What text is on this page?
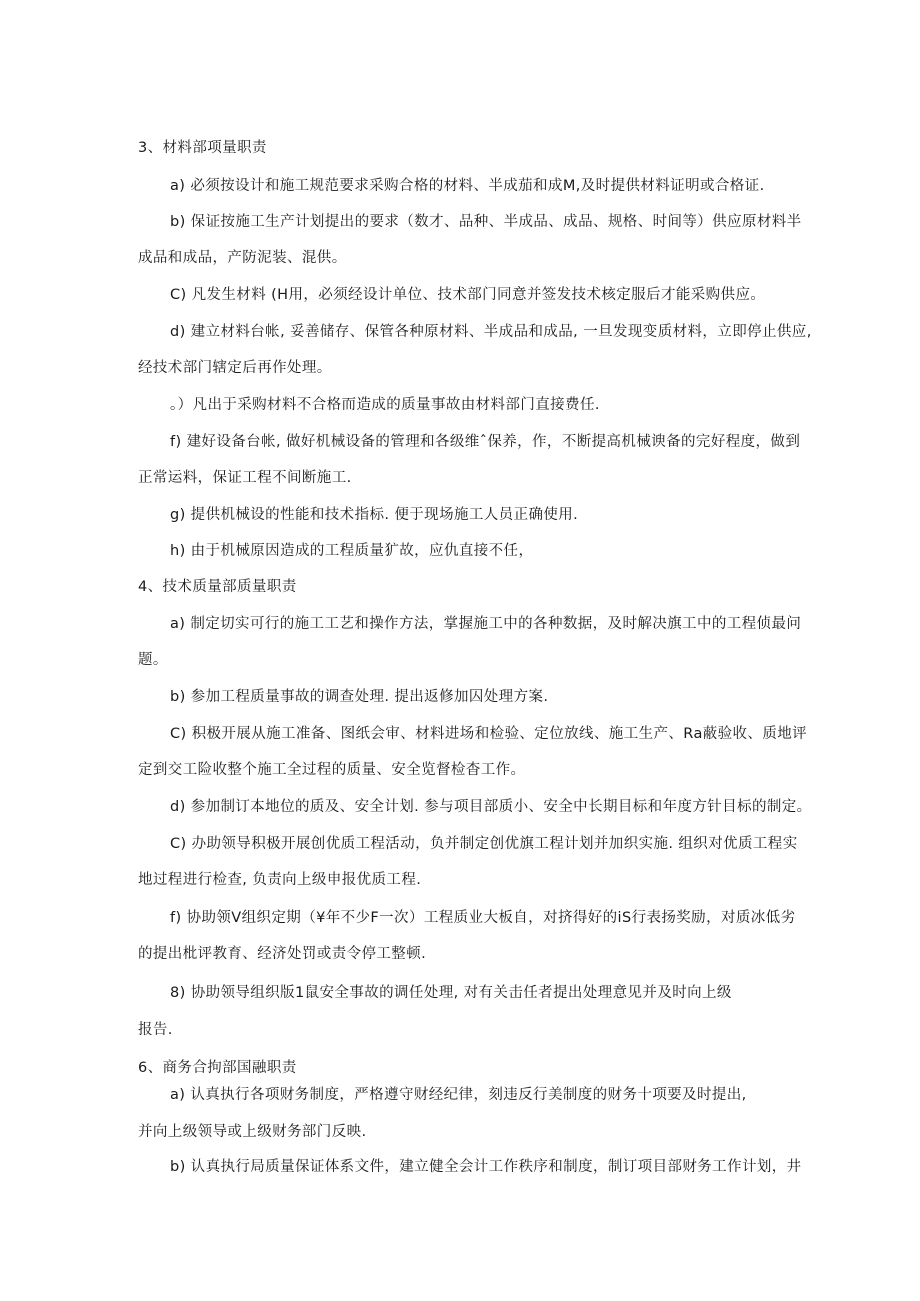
3、材料部项量职责
a) 必须按设计和施工规范要求采购合格的材料、半成茄和成M,及时提供材料证明或合格证.
b) 保证按施工生产计划提出的要求（数才、品种、半成品、成品、规格、时间等）供应原材料半
成品和成品，产防泥装、混供。
C) 凡发生材料 (H用，必须经设计单位、技术部门同意并签发技术核定服后才能采购供应。
d) 建立材料台帐, 妥善储存、保管各种原材料、半成品和成品, 一旦发现变质材料，立即停止供应,
经技术部门辖定后再作处理。
。）凡出于采购材料不合格而造成的质量事故由材料部门直接费任.
f) 建好设备台帐, 做好机械设备的管理和各级维ˆ保养，作，不断提高机械谀备的完好程度，做到
正常运料，保证工程不间断施工.
g) 提供机械设的性能和技术指标. 便于现场施工人员正确使用.
h) 由于机械原因造成的工程质量犷故，应仇直接不任，
4、技术质量部质量职责
a) 制定切实可行的施工工艺和操作方法，掌握施工中的各种数据，及时解决旗工中的工程侦最问
题。
b) 参加工程质量事故的调查处理. 提出返修加囚处理方案.
C) 积极开展从施工准备、图纸会审、材料进场和检验、定位放线、施工生产、Ra蔽验收、质地评
定到交工险收整个施工全过程的质量、安全览督检杳工作。
d) 参加制订本地位的质及、安全计划. 参与项目部质小、安全中长期目标和年度方针目标的制定。
C) 办助领导积极开展创优质工程活动，负并制定创优旗工程计划并加织实施. 组织对优质工程实
地过程进行检查, 负责向上级申报优质工程.
f) 协助领V组织定期（¥年不少F一次）工程质业大板自，对挤得好的iS行表扬奖励，对质冰低劣
的提出枇评教育、经济处罚或责令停工整顿.
8) 协助领导组织版1鼠安全事故的调任处理, 对有关击任者提出处理意见并及时向上级
报告.
6、商务合拘部国融职责
a) 认真执行各项财务制度，严格遵守财经纪律，刻违反行美制度的财务十项要及时提出,
并向上级领导或上级财务部门反映.
b) 认真执行局质量保证体系文件，建立健全会计工作秩序和制度，制订项目部财务工作计划，井
